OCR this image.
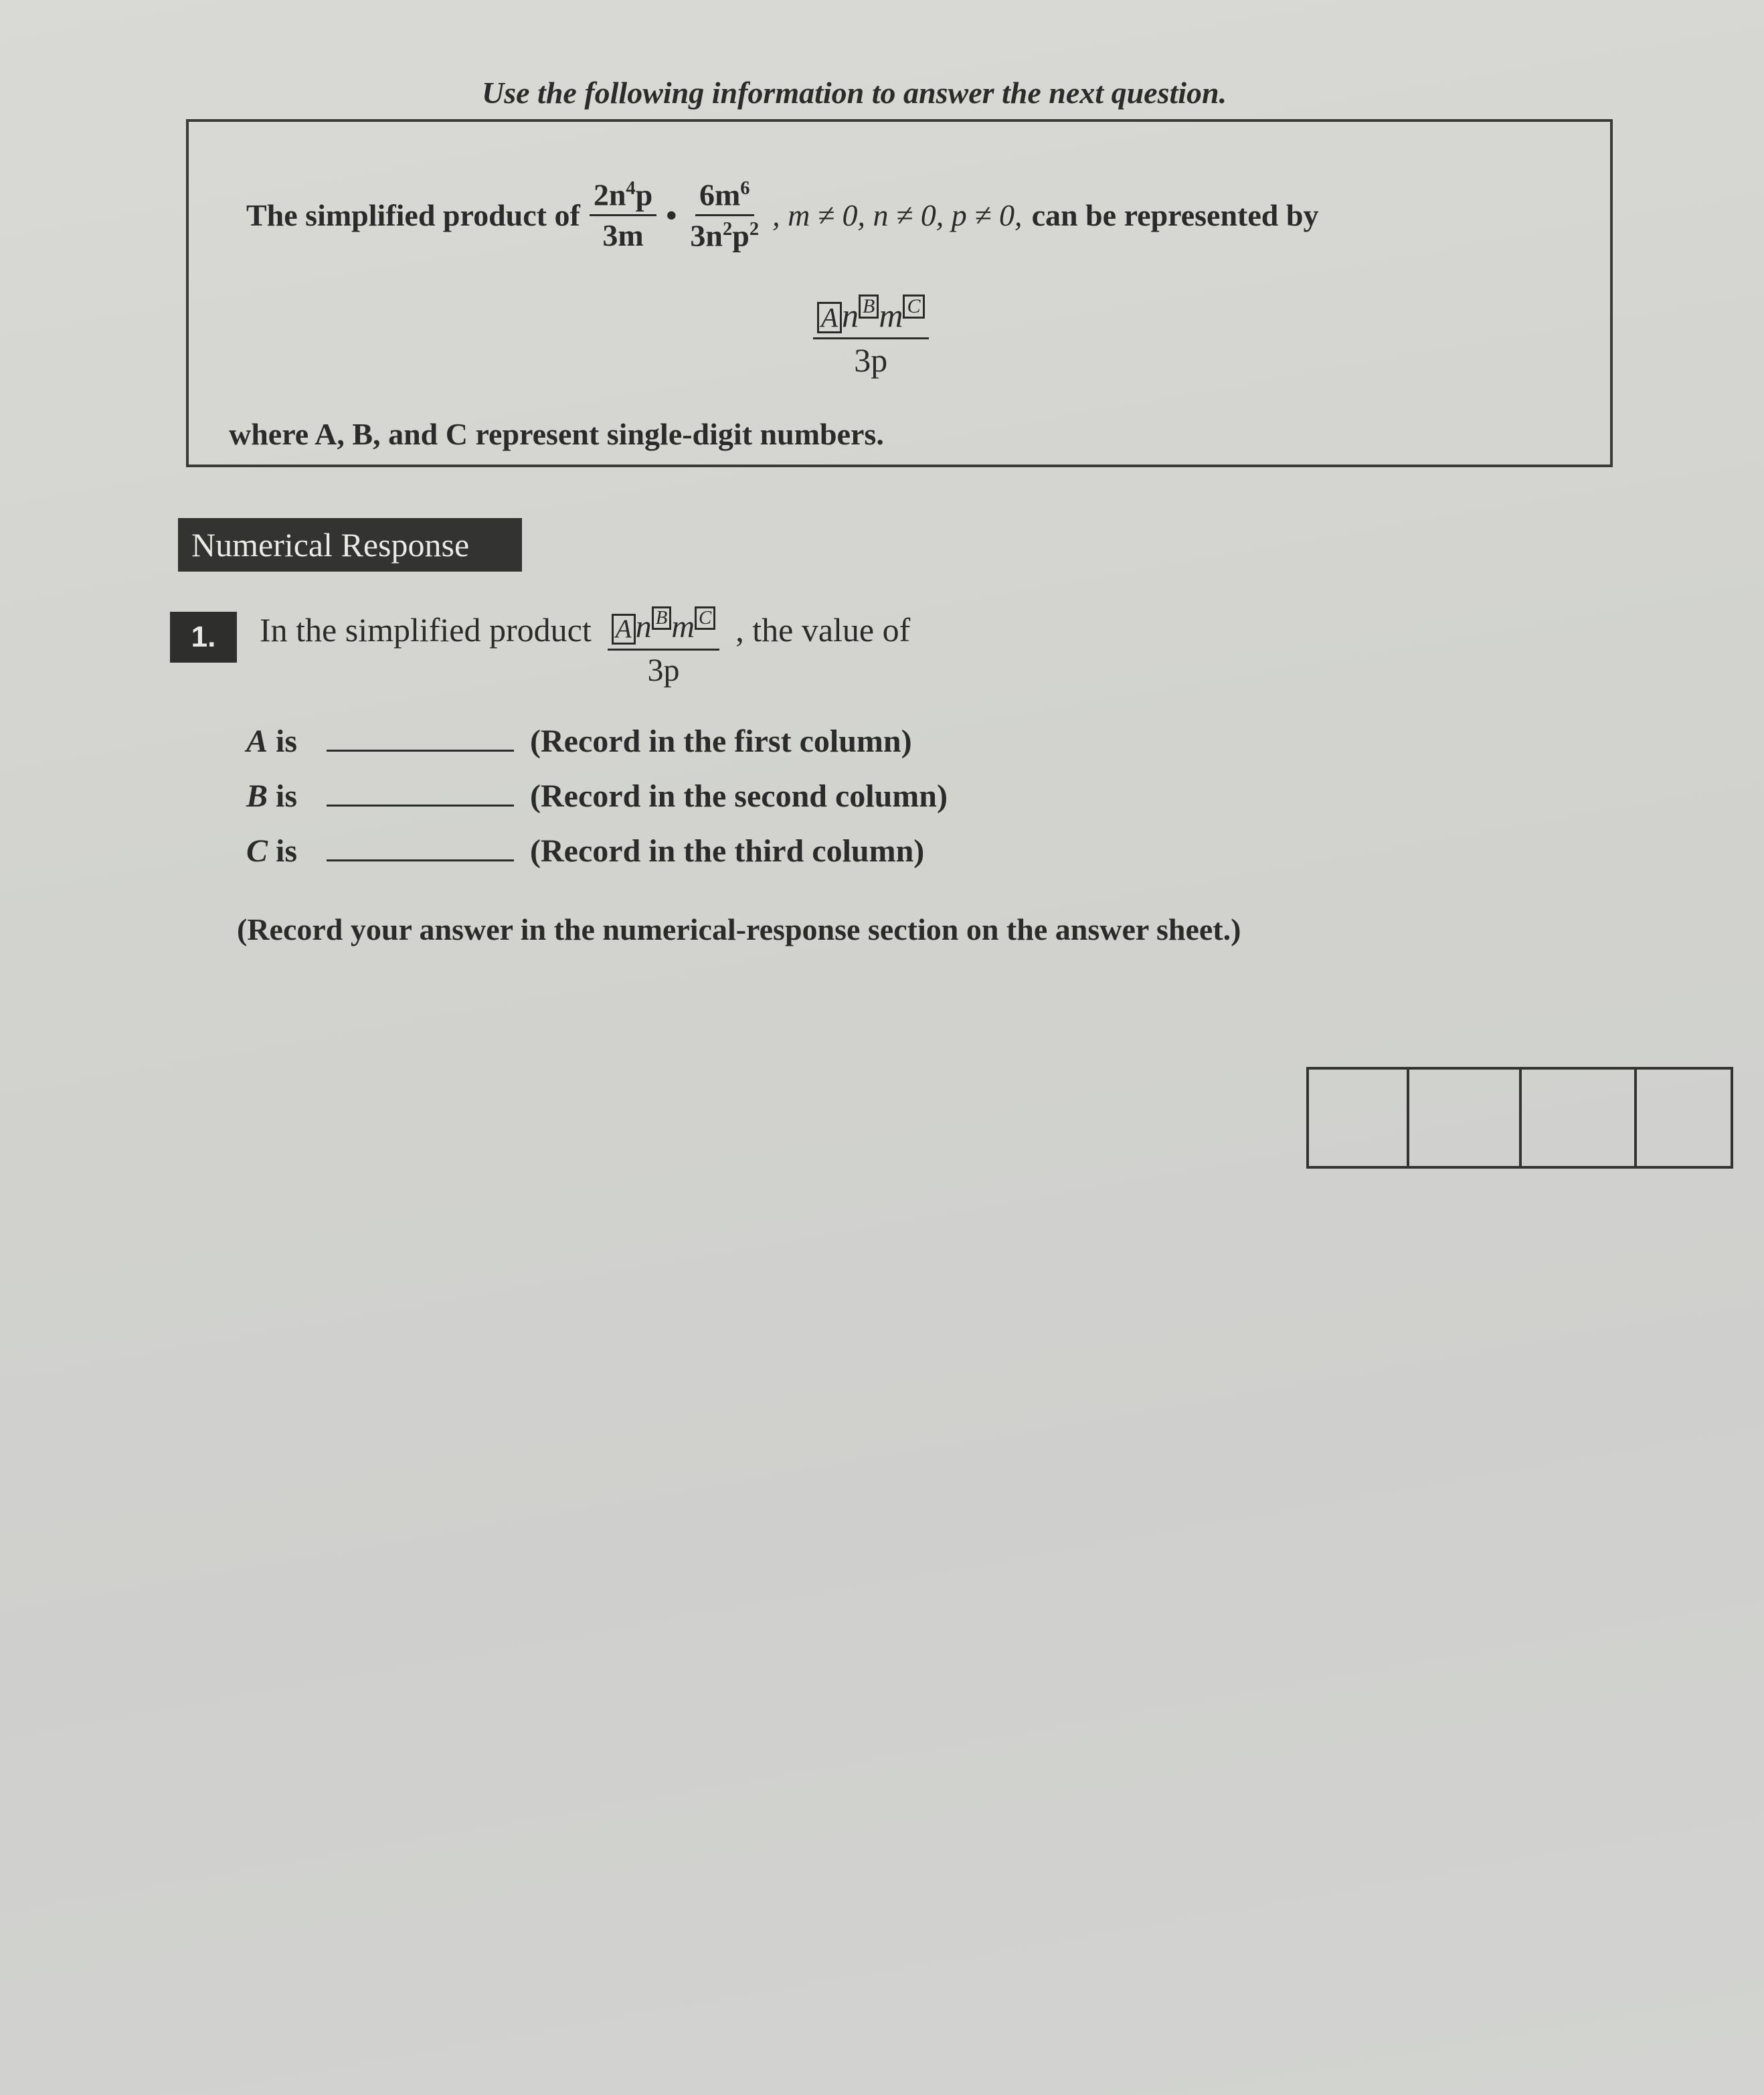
Use the following information to answer the next question.
The simplified product of $\frac{2n^4p}{3m}$ • $\frac{6m^6}{3n^2p^2}$ , m ≠ 0, n ≠ 0, p ≠ 0, can be represented by
$\frac{\text{A n B m C}}{3p}$
where A, B, and C represent single-digit numbers.
Numerical Response
1.	In the simplified product $\frac{\text{A n B m C}}{3p}$ , the value of
A is	(Record in the first column)
B is	(Record in the second column)
C is	(Record in the third column)
(Record your answer in the numerical-response section on the answer sheet.)
